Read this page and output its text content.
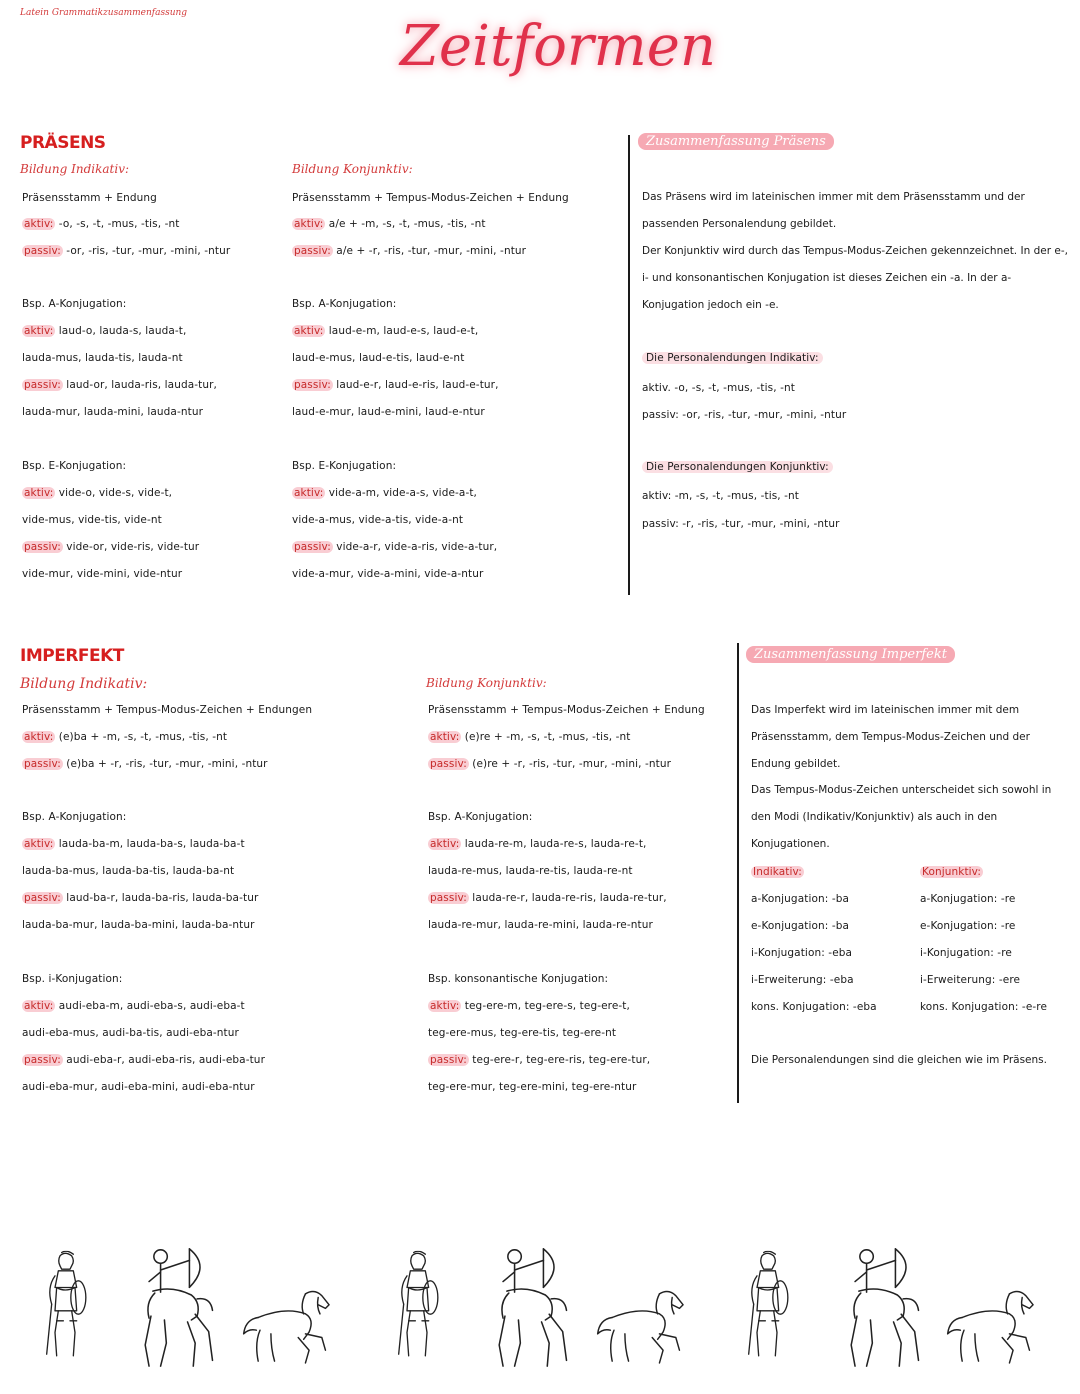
Latein Grammatikzusammenfassung
Zeitformen
PRÄSENS
Bildung Indikativ:
Präsensstamm + Endung
aktiv: -o, -s, -t, -mus, -tis, -nt
passiv: -or, -ris, -tur, -mur, -mini, -ntur
Bsp. A-Konjugation:
aktiv: laud-o, lauda-s, lauda-t,
lauda-mus, lauda-tis, lauda-nt
passiv: laud-or, lauda-ris, lauda-tur,
lauda-mur, lauda-mini, lauda-ntur
Bsp. E-Konjugation:
aktiv: vide-o, vide-s, vide-t,
vide-mus, vide-tis, vide-nt
passiv: vide-or, vide-ris, vide-tur
vide-mur, vide-mini, vide-ntur
Bildung Konjunktiv:
Präsensstamm + Tempus-Modus-Zeichen + Endung
aktiv: a/e + -m, -s, -t, -mus, -tis, -nt
passiv: a/e + -r, -ris, -tur, -mur, -mini, -ntur
Bsp. A-Konjugation:
aktiv: laud-e-m, laud-e-s, laud-e-t,
laud-e-mus, laud-e-tis, laud-e-nt
passiv: laud-e-r, laud-e-ris, laud-e-tur,
laud-e-mur, laud-e-mini, laud-e-ntur
Bsp. E-Konjugation:
aktiv: vide-a-m, vide-a-s, vide-a-t,
vide-a-mus, vide-a-tis, vide-a-nt
passiv: vide-a-r, vide-a-ris, vide-a-tur,
vide-a-mur, vide-a-mini, vide-a-ntur
Zusammenfassung Präsens
Das Präsens wird im lateinischen immer mit dem Präsensstamm und der passenden Personalendung gebildet.
Der Konjunktiv wird durch das Tempus-Modus-Zeichen gekennzeichnet. In der e-, i- und konsonantischen Konjugation ist dieses Zeichen ein -a. In der a-Konjugation jedoch ein -e.
Die Personalendungen Indikativ:
aktiv. -o, -s, -t, -mus, -tis, -nt
passiv: -or, -ris, -tur, -mur, -mini, -ntur
Die Personalendungen Konjunktiv:
aktiv: -m, -s, -t, -mus, -tis, -nt
passiv: -r, -ris, -tur, -mur, -mini, -ntur
IMPERFEKT
Bildung Indikativ:
Präsensstamm + Tempus-Modus-Zeichen + Endungen
aktiv: (e)ba + -m, -s, -t, -mus, -tis, -nt
passiv: (e)ba + -r, -ris, -tur, -mur, -mini, -ntur
Bsp. A-Konjugation:
aktiv: lauda-ba-m, lauda-ba-s, lauda-ba-t
lauda-ba-mus, lauda-ba-tis, lauda-ba-nt
passiv: laud-ba-r, lauda-ba-ris, lauda-ba-tur
lauda-ba-mur, lauda-ba-mini, lauda-ba-ntur
Bsp. i-Konjugation:
aktiv: audi-eba-m, audi-eba-s, audi-eba-t
audi-eba-mus, audi-ba-tis, audi-eba-ntur
passiv: audi-eba-r, audi-eba-ris, audi-eba-tur
audi-eba-mur, audi-eba-mini, audi-eba-ntur
Bildung Konjunktiv:
Präsensstamm + Tempus-Modus-Zeichen + Endung
aktiv: (e)re + -m, -s, -t, -mus, -tis, -nt
passiv: (e)re + -r, -ris, -tur, -mur, -mini, -ntur
Bsp. A-Konjugation:
aktiv: lauda-re-m, lauda-re-s, lauda-re-t,
lauda-re-mus, lauda-re-tis, lauda-re-nt
passiv: lauda-re-r, lauda-re-ris, lauda-re-tur,
lauda-re-mur, lauda-re-mini, lauda-re-ntur
Bsp. konsonantische Konjugation:
aktiv: teg-ere-m, teg-ere-s, teg-ere-t,
teg-ere-mus, teg-ere-tis, teg-ere-nt
passiv: teg-ere-r, teg-ere-ris, teg-ere-tur,
teg-ere-mur, teg-ere-mini, teg-ere-ntur
Zusammenfassung Imperfekt
Das Imperfekt wird im lateinischen immer mit dem Präsensstamm, dem Tempus-Modus-Zeichen und der Endung gebildet.
Das Tempus-Modus-Zeichen unterscheidet sich sowohl in den Modi (Indikativ/Konjunktiv) als auch in den Konjugationen.
Indikativ:	Konjunktiv:
a-Konjugation: -ba	a-Konjugation: -re
e-Konjugation: -ba	e-Konjugation: -re
i-Konjugation: -eba	i-Konjugation: -re
i-Erweiterung: -eba	i-Erweiterung: -ere
kons. Konjugation: -eba	kons. Konjugation: -e-re
Die Personalendungen sind die gleichen wie im Präsens.
